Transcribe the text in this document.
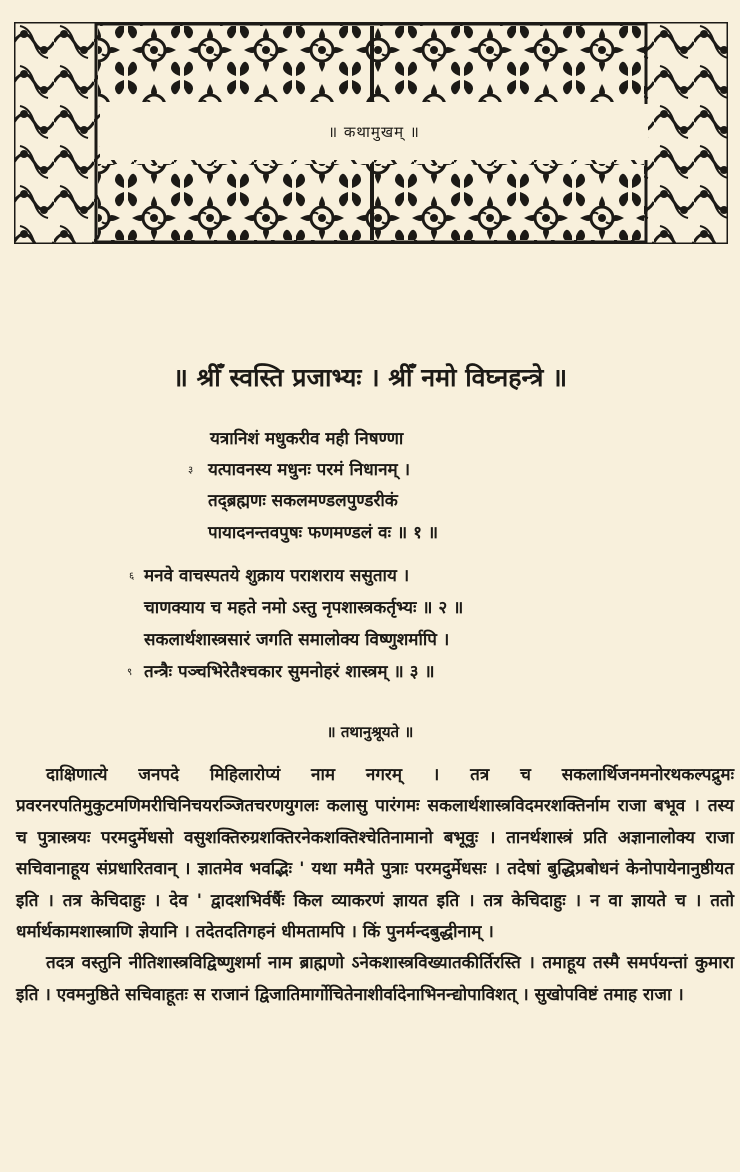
॥ कथामुखम् ॥
॥ श्रीँ स्वस्ति प्रजाभ्यः । श्रीँ नमो विघ्नहन्त्रे ॥
यत्रानिशं मधुकरीव मही निषण्णा
३ यत्पावनस्य मधुनः परमं निधानम् ।
तद्ब्रह्मणः सकलमण्डलपुण्डरीकं
पायादनन्तवपुषः फणमण्डलं वः ॥ १ ॥
६ मनवे वाचस्पतये शुक्राय पराशराय ससुताय ।
चाणक्याय च महते नमो ऽस्तु नृपशास्त्रकर्तृभ्यः ॥ २ ॥
सकलार्थशास्त्रसारं जगति समालोक्य विष्णुशर्मापि ।
९ तन्त्रैः पञ्चभिरेतैश्चकार सुमनोहरं शास्त्रम् ॥ ३ ॥
॥ तथानुश्रूयते ॥

दाक्षिणात्ये जनपदे मिहिलारोप्यं नाम नगरम् । तत्र च सकलार्थिजनमनोरथकल्पद्रुमः प्रवरनरपतिमुकुटमणिमरीचिनिचयरञ्जितचरणयुगलः कलासु पारंगमः सकलार्थशास्त्रविदमरशक्तिर्नाम राजा बभूव । तस्य च पुत्रास्त्रयः परमदुर्मेधसो वसुशक्तिरुग्रशक्तिरनेकशक्तिश्चेतिनामानो बभूवुः । तानर्थशास्त्रं प्रति अज्ञानालोक्य राजा सचिवानाहूय संप्रधारितवान् । ज्ञातमेव भवद्भिः ' यथा ममैते पुत्राः परमदुर्मेधसः । तदेषां बुद्धिप्रबोधनं केनोपायेनानुष्ठीयत इति । तत्र केचिदाहुः । देव ' द्वादशभिर्वर्षैः किल व्याकरणं ज्ञायत इति । तत्र केचिदाहुः । न वा ज्ञायते च । ततो धर्मार्थकामशास्त्राणि ज्ञेयानि । तदेतदतिगहनं धीमतामपि । किं पुनर्मन्दबुद्धीनाम् ।

तदत्र वस्तुनि नीतिशास्त्रविद्विष्णुशर्मा नाम ब्राह्मणो ऽनेकशास्त्रविख्यातकीर्तिरस्ति । तमाहूय तस्मै समर्पयन्तां कुमारा इति । एवमनुष्ठिते सचिवाहूतः स राजानं द्विजातिमार्गोचितेनाशीर्वादेनाभिनन्द्योपाविशत् । सुखोपविष्टं तमाह राजा ।
